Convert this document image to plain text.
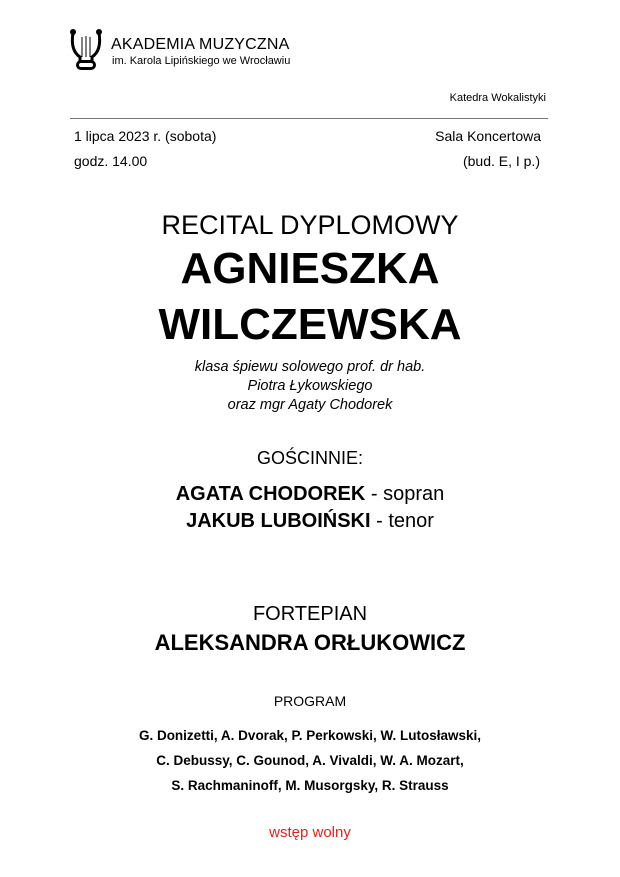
AKADEMIA MUZYCZNA
im. Karola Lipińskiego we Wrocławiu
Katedra Wokalistyki
1 lipca 2023 r. (sobota)
godz. 14.00
Sala Koncertowa
(bud. E, I p.)
RECITAL DYPLOMOWY
AGNIESZKA
WILCZEWSKA
klasa śpiewu solowego prof. dr hab.
Piotra Łykowskiego
oraz mgr Agaty Chodorek
GOŚCINNIE:
AGATA CHODOREK - sopran
JAKUB LUBOIŃSKI - tenor
FORTEPIAN
ALEKSANDRA ORŁUKOWICZ
PROGRAM
G. Donizetti, A. Dvorak, P. Perkowski, W. Lutosławski,
C. Debussy, C. Gounod, A. Vivaldi, W. A. Mozart,
S. Rachmaninoff, M. Musorgsky, R. Strauss
wstęp wolny
